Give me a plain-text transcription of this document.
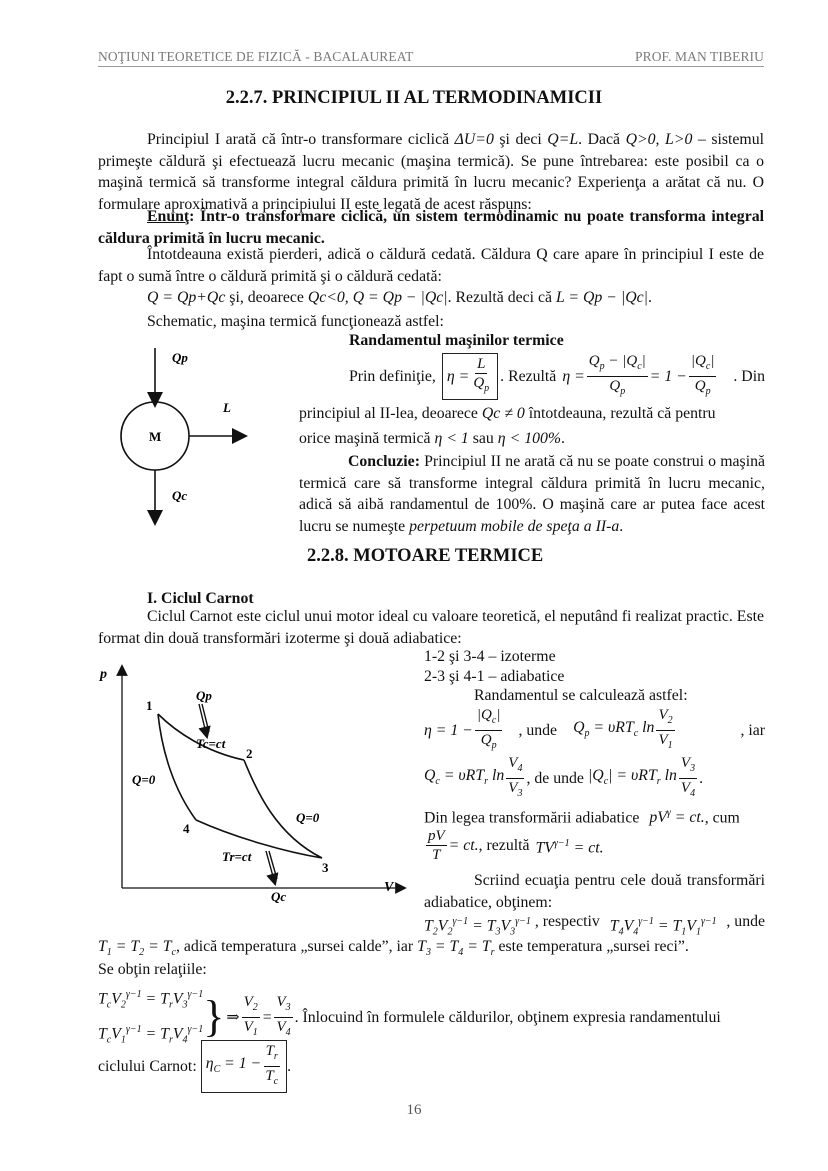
NOŢIUNI TEORETICE DE FIZICĂ - BACALAUREAT	PROF. MAN TIBERIU
2.2.7. PRINCIPIUL II AL TERMODINAMICII
Principiul I arată că într-o transformare ciclică ΔU=0 şi deci Q=L. Dacă Q>0, L>0 – sistemul primeşte căldură şi efectuează lucru mecanic (maşina termică). Se pune întrebarea: este posibil ca o maşină termică să transforme integral căldura primită în lucru mecanic? Experienţa a arătat că nu. O formulare aproximativă a principiului II este legată de acest răspuns:
Enunţ: Într-o transformare ciclică, un sistem termodinamic nu poate transforma integral căldura primită în lucru mecanic.
Întotdeauna există pierderi, adică o căldură cedată. Căldura Q care apare în principiul I este de fapt o sumă între o căldură primită şi o căldură cedată:
Q = Qp+Qc şi, deoarece Qc<0, Q = Qp − |Qc|. Rezultă deci că L = Qp − |Qc|.
Schematic, maşina termică funcţionează astfel:
Qp
M
L
Qc
Randamentul maşinilor termice
Prin definiţie, $\eta = \frac{L}{Q_p}$ . Rezultă $\eta = \frac{Q_p - |Q_c|}{Q_p} = 1 - \frac{|Q_c|}{Q_p}$ . Din
principiul al II-lea, deoarece Qc ≠ 0 întotdeauna, rezultă că pentru
orice maşină termică η < 1 sau η < 100%.
Concluzie: Principiul II ne arată că nu se poate construi o maşină termică care să transforme integral căldura primită în lucru mecanic, adică să aibă randamentul de 100%. O maşină care ar putea face acest lucru se numeşte perpetuum mobile de speţa a II-a.
2.2.8. MOTOARE TERMICE
I. Ciclul Carnot
Ciclul Carnot este ciclul unui motor ideal cu valoare teoretică, el neputând fi realizat practic. Este format din două transformări izoterme şi două adiabatice:
p
V
1
2
3
4
Qp
Tc=ct
Q=0
Q=0
Tr=ct
Qc
1-2 şi 3-4 – izoterme
2-3 şi 4-1 – adiabatice
Randamentul se calculează astfel:
$\eta = 1 - \frac{|Q_c|}{Q_p}$ , unde $Q_p = \upsilon RT_c$ $\ln \frac{V_2}{V_1}$	, iar
$Q_c = \upsilon RT_r$ $\ln \frac{V_4}{V_3}$ , de unde $|Q_c| = \upsilon RT_r$ $\ln \frac{V_3}{V_4}$ .
Din legea transformării adiabatice $pV^\gamma$ = ct., cum
$\frac{pV}{T}$ = ct. , rezultă $TV^{\gamma-1}$ = ct.
Scriind ecuaţia pentru cele două transformări adiabatice, obţinem:
$T_2V_2^{\gamma-1} = T_3V_3^{\gamma-1}$ , respectiv $T_4V_4^{\gamma-1} = T_1V_1^{\gamma-1}$ , unde
$T_1 = T_2 = T_c$, adică temperatura „sursei calde”, iar $T_3 = T_4 = T_r$ este temperatura „sursei reci”.
Se obţin relaţiile:
$T_cV_2^{\gamma-1} = T_rV_3^{\gamma-1}$
$T_cV_1^{\gamma-1} = T_rV_4^{\gamma-1}$ } ⇒ $\frac{V_2}{V_1} = \frac{V_3}{V_4}$ . Înlocuind în formulele căldurilor, obţinem expresia randamentului
ciclului Carnot: $\eta_C = 1 - \frac{T_r}{T_c}$ .
16
